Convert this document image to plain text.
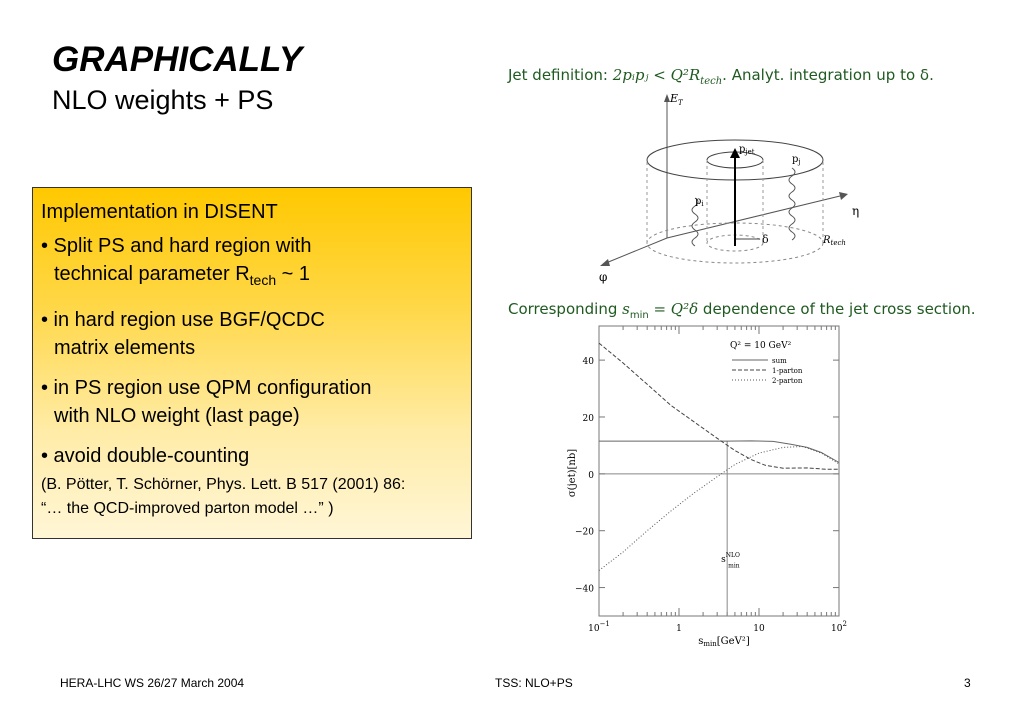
GRAPHICALLY
NLO weights + PS

Implementation in DISENT

• Split PS and hard region with

technical parameter $R_{tech}$ ~ 1

• in hard region use BGF/QCDC

matrix elements

• in PS region use QPM configuration

with NLO weight (last page)

• avoid double-counting

(B. Pötter, T. Schörner, Phys. Lett. B 517 (2001) 86:

“… the QCD-improved parton model …” )

Jet definition: 2pᵢpⱼ < $Q^2R_{tech}$. Analyt. integration up to δ.
$E_T$
η
φ
$p_{jet}$
$p_i$
$p_j$
δ	$R_{tech}$
Corresponding $s_{min} = Q^2\delta$ dependence of the jet cross section.
40
20
0
−20
−40
$10^{-1}$	1	10	$10^2$
$s^{NLO}$
min
Q² = 10 GeV²
sum
1-parton
2-parton
σ(jet)[nb]
$s_{min}[GeV^2]$
HERA-LHC WS 26/27 March 2004	TSS: NLO+PS	3
